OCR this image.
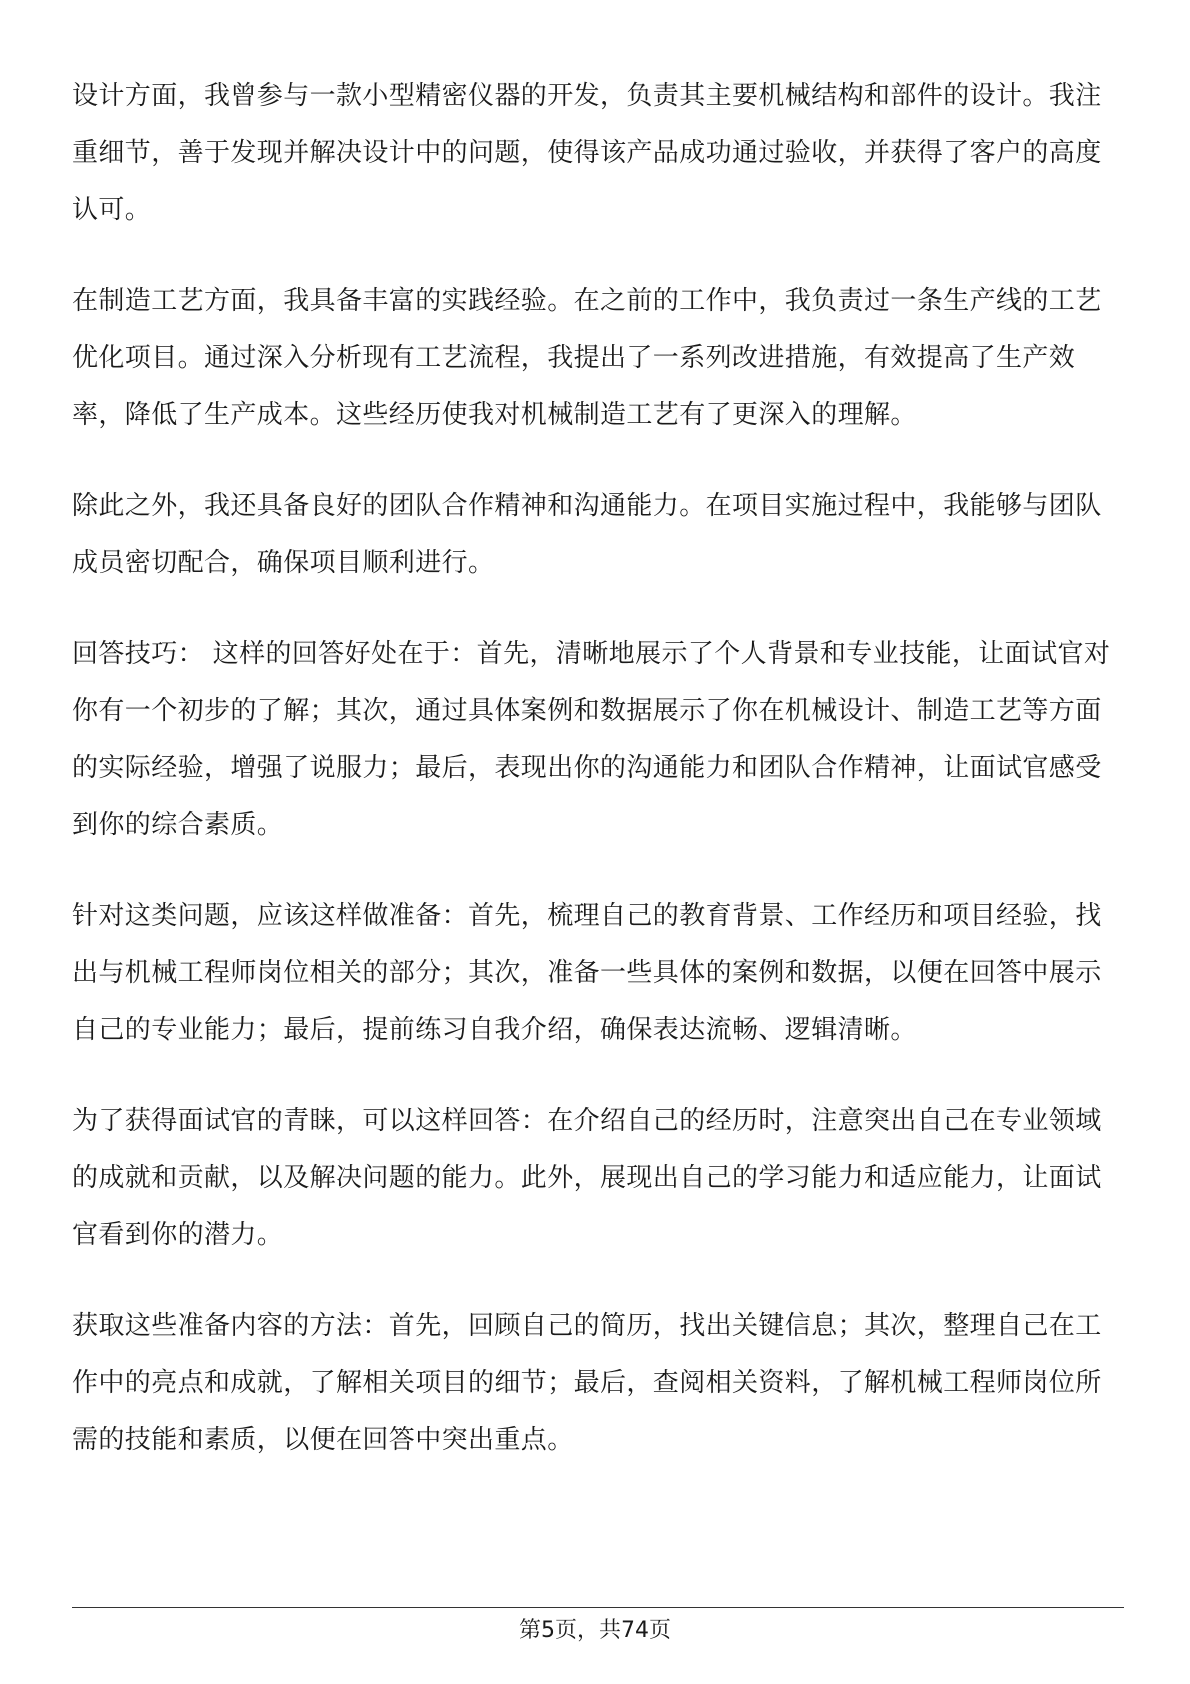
设计方面，我曾参与一款小型精密仪器的开发，负责其主要机械结构和部件的设计。我注重细节，善于发现并解决设计中的问题，使得该产品成功通过验收，并获得了客户的高度认可。

在制造工艺方面，我具备丰富的实践经验。在之前的工作中，我负责过一条生产线的工艺优化项目。通过深入分析现有工艺流程，我提出了一系列改进措施，有效提高了生产效率，降低了生产成本。这些经历使我对机械制造工艺有了更深入的理解。

除此之外，我还具备良好的团队合作精神和沟通能力。在项目实施过程中，我能够与团队成员密切配合，确保项目顺利进行。

回答技巧： 这样的回答好处在于：首先，清晰地展示了个人背景和专业技能，让面试官对你有一个初步的了解；其次，通过具体案例和数据展示了你在机械设计、制造工艺等方面的实际经验，增强了说服力；最后，表现出你的沟通能力和团队合作精神，让面试官感受到你的综合素质。

针对这类问题，应该这样做准备：首先，梳理自己的教育背景、工作经历和项目经验，找出与机械工程师岗位相关的部分；其次，准备一些具体的案例和数据，以便在回答中展示自己的专业能力；最后，提前练习自我介绍，确保表达流畅、逻辑清晰。

为了获得面试官的青睐，可以这样回答：在介绍自己的经历时，注意突出自己在专业领域的成就和贡献，以及解决问题的能力。此外，展现出自己的学习能力和适应能力，让面试官看到你的潜力。

获取这些准备内容的方法：首先，回顾自己的简历，找出关键信息；其次，整理自己在工作中的亮点和成就，了解相关项目的细节；最后，查阅相关资料，了解机械工程师岗位所需的技能和素质，以便在回答中突出重点。

第5页，共74页
